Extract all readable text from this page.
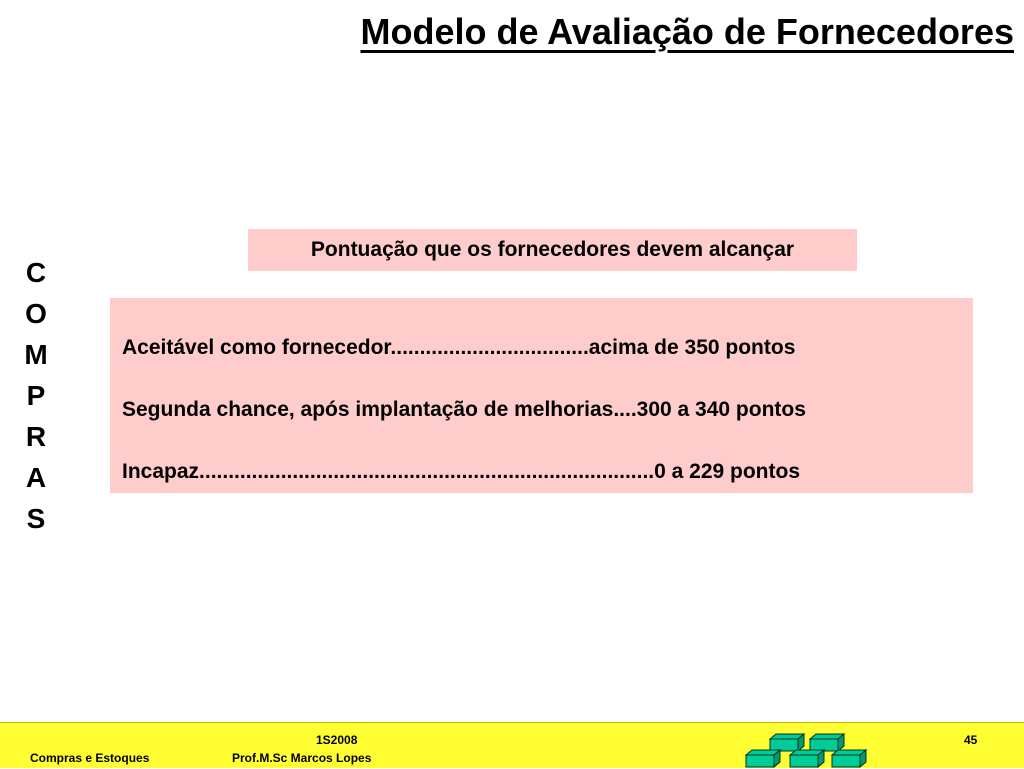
Modelo de Avaliação de Fornecedores
C
O
M
P
R
A
S
Pontuação que os fornecedores devem alcançar
Aceitável como fornecedor..................................acima de 350 pontos
Segunda chance, após implantação de melhorias....300 a 340 pontos
Incapaz..............................................................................0 a 229 pontos
Compras e Estoques
1S2008
Prof.M.Sc Marcos Lopes
45
